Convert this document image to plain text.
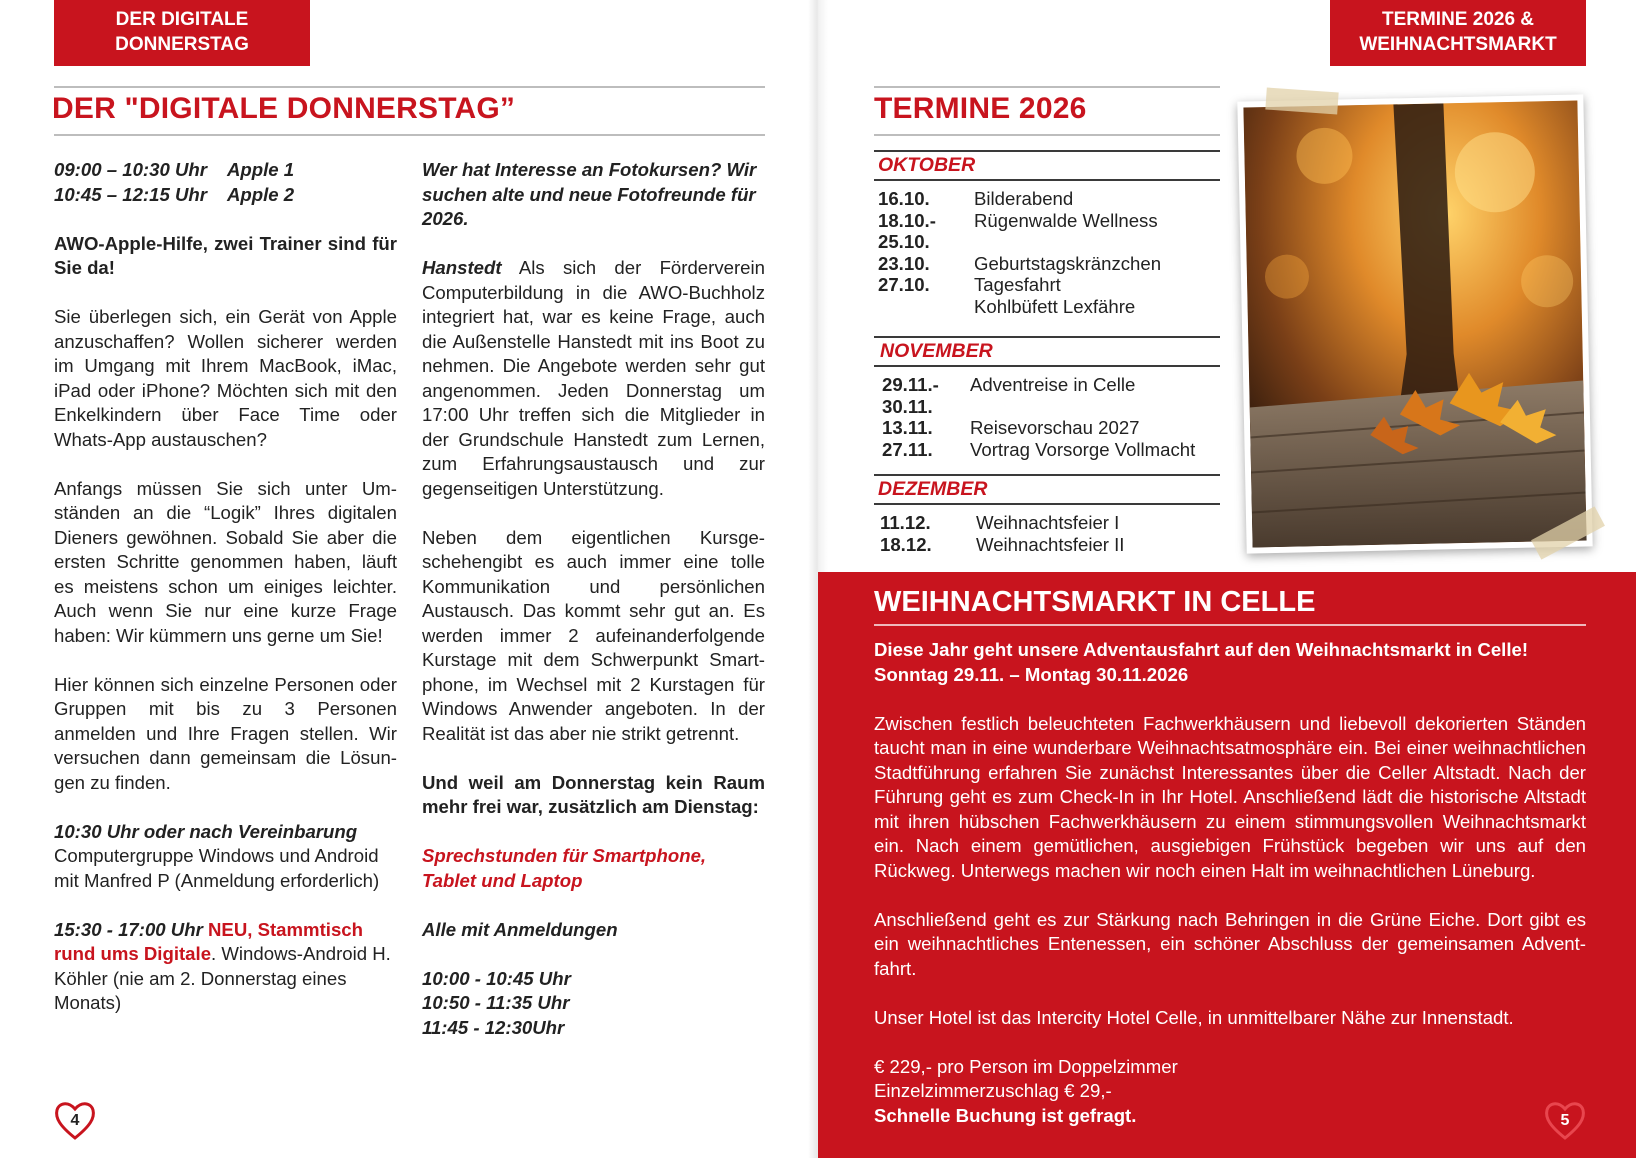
DER DIGITALE
DONNERSTAG
DER "DIGITALE DONNERSTAG”

09:00 – 10:30 Uhr    Apple 1

10:45 – 12:15 Uhr    Apple 2

AWO-Apple-Hilfe, zwei Trainer sind für Sie da!

Sie überlegen sich, ein Gerät von Apple anzuschaffen? Wollen sicherer werden im Umgang mit Ihrem MacBook, iMac, iPad oder iPhone? Möchten sich mit den Enkelkindern über Face Time oder Whats-App austauschen?

Anfangs müssen Sie sich unter Umständen an die “Logik” Ihres digitalen Dieners gewöhnen. Sobald Sie aber die ersten Schritte genommen haben, läuft es meistens schon um einiges leichter. Auch wenn Sie nur eine kurze Frage haben: Wir kümmern uns gerne um Sie!

Hier können sich einzelne Personen oder Gruppen mit bis zu 3 Personen anmelden und Ihre Fragen stellen. Wir versuchen dann gemeinsam die Lösungen zu finden.

10:30 Uhr oder nach Vereinbarung
Computergruppe Windows und Android mit Manfred P (Anmeldung erforderlich)

15:30 - 17:00 Uhr NEU, Stammtisch rund ums Digitale. Windows-Android H. Köhler (nie am 2. Donnerstag eines Monats)

Wer hat Interesse an Fotokursen? Wir suchen alte und neue Fotofreunde für 2026.

Hanstedt Als sich der Förderverein Computerbildung in die AWO-Buchholz integriert hat, war es keine Frage, auch die Außenstelle Hanstedt mit ins Boot zu nehmen. Die Angebote werden sehr gut angenommen. Jeden Donnerstag um 17:00 Uhr treffen sich die Mitglieder in der Grundschule Hanstedt zum Lernen, zum Erfahrungsaustausch und zur gegenseitigen Unterstützung.

Neben dem eigentlichen Kursgeschehengibt es auch immer eine tolle Kommunikation und persönlichen Austausch. Das kommt sehr gut an. Es werden immer 2 aufeinanderfolgende Kurstage mit dem Schwerpunkt Smartphone, im Wechsel mit 2 Kurstagen für Windows Anwender angeboten. In der Realität ist das aber nie strikt getrennt.

Und weil am Donnerstag kein Raum mehr frei war, zusätzlich am Dienstag:

Sprechstunden für Smartphone, Tablet und Laptop

Alle mit Anmeldungen

10:00 - 10:45 Uhr

10:50 - 11:35 Uhr

11:45 - 12:30Uhr

4
TERMINE 2026 &
WEIHNACHTSMARKT
TERMINE 2026
OKTOBER
16.10.	Bilderabend
18.10.-	Rügenwalde Wellness
25.10.
23.10.	Geburtstagskränzchen
27.10.	Tagesfahrt
Kohlbüfett Lexfähre
NOVEMBER
29.11.-	Adventreise in Celle
30.11.
13.11.	Reisevorschau 2027
27.11.	Vortrag Vorsorge Vollmacht
DEZEMBER
11.12.	Weihnachtsfeier I
18.12.	Weihnachtsfeier II
WEIHNACHTSMARKT IN CELLE

Diese Jahr geht unsere Adventausfahrt auf den Weihnachtsmarkt in Celle!

Sonntag 29.11. – Montag 30.11.2026

Zwischen festlich beleuchteten Fachwerkhäusern und liebevoll dekorierten Ständen taucht man in eine wunderbare Weihnachtsatmosphäre ein. Bei einer weihnachtlichen Stadtführung erfahren Sie zunächst Interessantes über die Celler Altstadt. Nach der Führung geht es zum Check-In in Ihr Hotel. Anschließend lädt die historische Altstadt mit ihren hübschen Fachwerkhäusern zu einem stimmungsvollen Weihnachtsmarkt ein. Nach einem gemütlichen, ausgiebigen Frühstück begeben wir uns auf den Rückweg. Unterwegs machen wir noch einen Halt im weihnachtlichen Lüneburg.

Anschließend geht es zur Stärkung nach Behringen in die Grüne Eiche. Dort gibt es ein weihnachtliches Entenessen, ein schöner Abschluss der gemeinsamen Adventfahrt.

Unser Hotel ist das Intercity Hotel Celle, in unmittelbarer Nähe zur Innenstadt.

€ 229,- pro Person im Doppelzimmer

Einzelzimmerzuschlag € 29,-

Schnelle Buchung ist gefragt.	5
